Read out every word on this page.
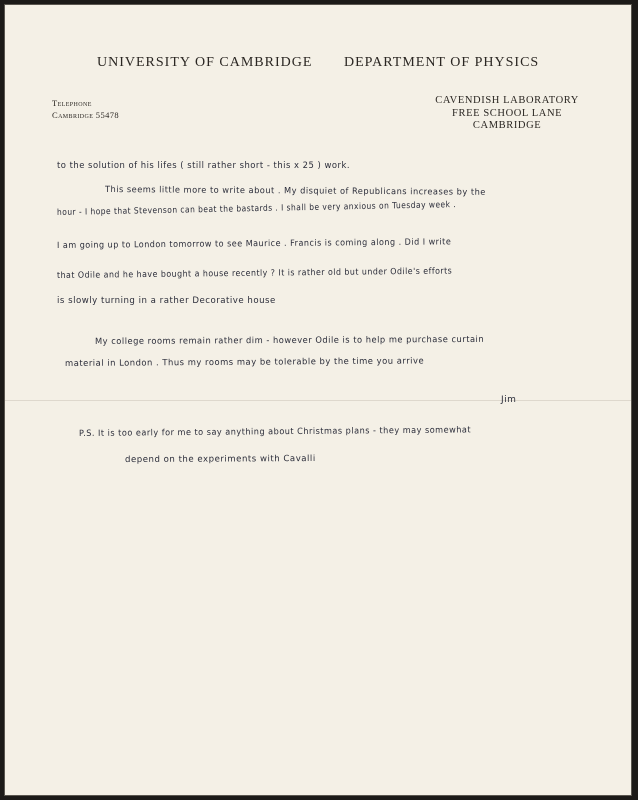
UNIVERSITY OF CAMBRIDGE DEPARTMENT OF PHYSICS
Telephone
Cambridge 55478
CAVENDISH LABORATORY
FREE SCHOOL LANE
CAMBRIDGE
to the solution of his lifes ( still rather short - this x 25 ) work.
This seems little more to write about . My disquiet of Republicans increases by the
hour - I hope that Stevenson can beat the bastards . I shall be very anxious on Tuesday week .
I am going up to London tomorrow to see Maurice . Francis is coming along . Did I write
that Odile and he have bought a house recently ? It is rather old but under Odile's efforts
is slowly turning in a rather Decorative house
My college rooms remain rather dim - however Odile is to help me purchase curtain
material in London . Thus my rooms may be tolerable by the time you arrive
Jim
P.S. It is too early for me to say anything about Christmas plans - they may somewhat
depend on the experiments with Cavalli
